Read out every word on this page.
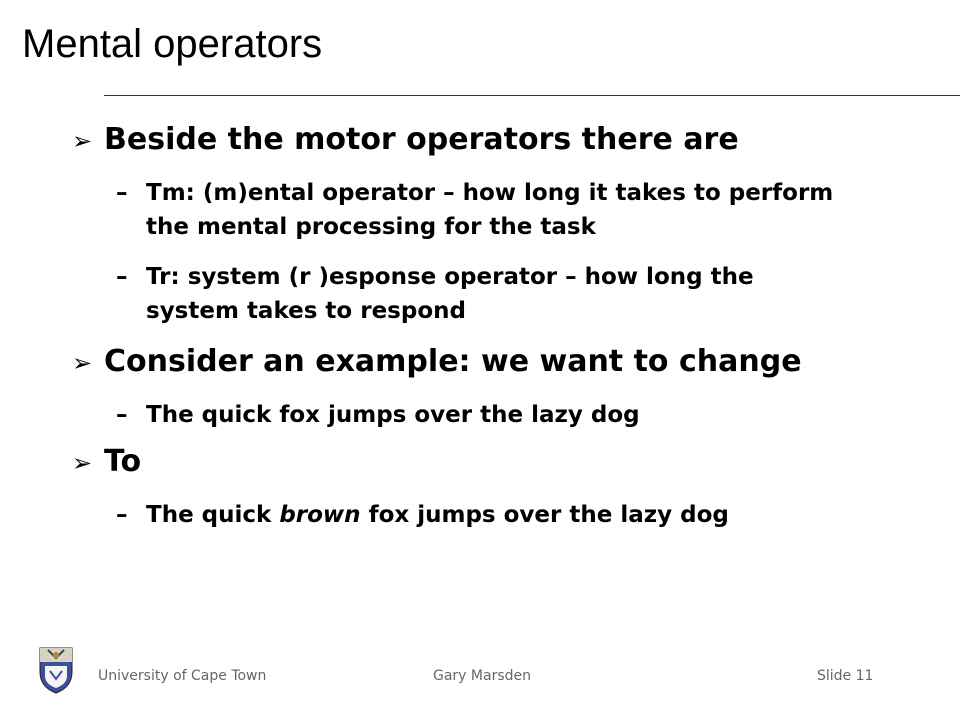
Mental operators
➢ Beside the motor operators there are
– Tm: (m)ental operator – how long it takes to perform the mental processing for the task
– Tr: system (r )esponse operator – how long the system takes to respond
➢ Consider an example: we want to change
– The quick fox jumps over the lazy dog
➢ To
– The quick brown fox jumps over the lazy dog
University of Cape Town	Gary Marsden	Slide 11
